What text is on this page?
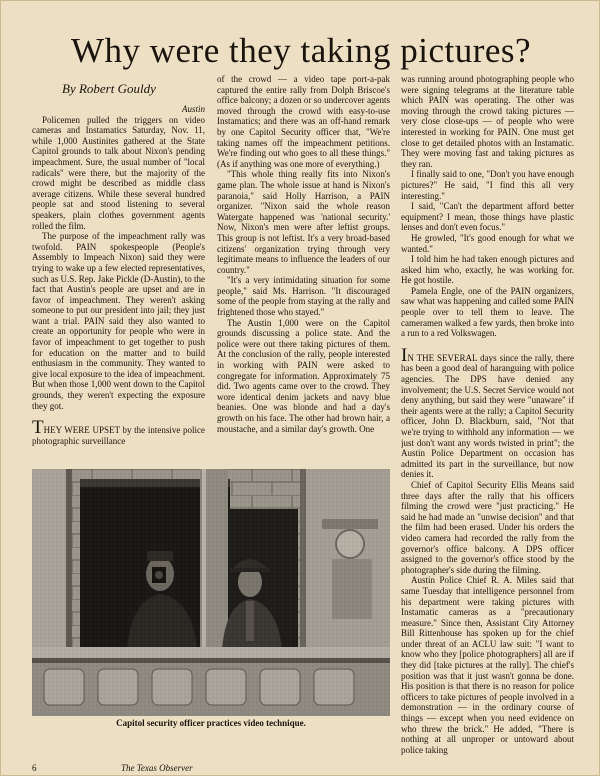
Why were they taking pictures?

By Robert Gouldy

Austin

Policemen pulled the triggers on video cameras and Instamatics Saturday, Nov. 11, while 1,000 Austinites gathered at the State Capitol grounds to talk about Nixon's pending impeachment. Sure, the usual number of "local radicals" were there, but the majority of the crowd might be described as middle class average citizens. While these several hundred people sat and stood listening to several speakers, plain clothes government agents rolled the film.

The purpose of the impeachment rally was twofold. PAIN spokespeople (People's Assembly to Impeach Nixon) said they were trying to wake up a few elected representatives, such as U.S. Rep. Jake Pickle (D-Austin), to the fact that Austin's people are upset and are in favor of impeachment. They weren't asking someone to put our president into jail; they just want a trial. PAIN said they also wanted to create an opportunity for people who were in favor of impeachment to get together to push for education on the matter and to build enthusiasm in the community. They wanted to give local exposure to the idea of impeachment. But when those 1,000 went down to the Capitol grounds, they weren't expecting the exposure they got.

THEY WERE UPSET by the intensive police photographic surveillance

of the crowd — a video tape port-a-pak captured the entire rally from Dolph Briscoe's office balcony; a dozen or so undercover agents moved through the crowd with easy-to-use Instamatics; and there was an off-hand remark by one Capitol Security officer that, "We're taking names off the impeachment petitions. We're finding out who goes to all these things." (As if anything was one more of everything.)

"This whole thing really fits into Nixon's game plan. The whole issue at hand is Nixon's paranoia," said Holly Harrison, a PAIN organizer. "Nixon said the whole reason Watergate happened was 'national security.' Now, Nixon's men were after leftist groups. This group is not leftist. It's a very broad-based citizens' organization trying through very legitimate means to influence the leaders of our country."

"It's a very intimidating situation for some people," said Ms. Harrison. "It discouraged some of the people from staying at the rally and frightened those who stayed."

The Austin 1,000 were on the Capitol grounds discussing a police state. And the police were out there taking pictures of them. At the conclusion of the rally, people interested in working with PAIN were asked to congregate for information. Approximately 75 did. Two agents came over to the crowd. They wore identical denim jackets and navy blue beanies. One was blonde and had a day's growth on his face. The other had brown hair, a moustache, and a similar day's growth. One

was running around photographing people who were signing telegrams at the literature table which PAIN was operating. The other was moving through the crowd taking pictures — very close close-ups — of people who were interested in working for PAIN. One must get close to get detailed photos with an Instamatic. They were moving fast and taking pictures as they ran.

I finally said to one, "Don't you have enough pictures?" He said, "I find this all very interesting."

I said, "Can't the department afford better equipment? I mean, those things have plastic lenses and don't even focus."

He growled, "It's good enough for what we wanted."

I told him he had taken enough pictures and asked him who, exactly, he was working for. He got hostile.

Pamela Engle, one of the PAIN organizers, saw what was happening and called some PAIN people over to tell them to leave. The cameramen walked a few yards, then broke into a run to a red Volkswagen.

IN THE SEVERAL days since the rally, there has been a good deal of haranguing with police agencies. The DPS have denied any involvement; the U.S. Secret Service would not deny anything, but said they were "unaware" if their agents were at the rally; a Capitol Security officer, John D. Blackburn, said, "Not that we're trying to withhold any information — we just don't want any words twisted in print"; the Austin Police Department on occasion has admitted its part in the surveillance, but now denies it.

Chief of Capitol Security Ellis Means said three days after the rally that his officers filming the crowd were "just practicing." He said he had made an "unwise decision" and that the film had been erased. Under his orders the video camera had recorded the rally from the governor's office balcony. A DPS officer assigned to the governor's office stood by the photographer's side during the filming.

Austin Police Chief R. A. Miles said that same Tuesday that intelligence personnel from his department were taking pictures with Instamatic cameras as a "precautionary measure." Since then, Assistant City Attorney Bill Rittenhouse has spoken up for the chief under threat of an ACLU law suit: "I want to know who they [police photographers] all are if they did [take pictures at the rally]. The chief's position was that it just wasn't gonna be done. His position is that there is no reason for police officers to take pictures of people involved in a demonstration — in the ordinary course of things — except when you need evidence on who threw the brick." He added, "There is nothing at all unproper or untoward about police taking

Capitol security officer practices video technique.
6	The Texas Observer
